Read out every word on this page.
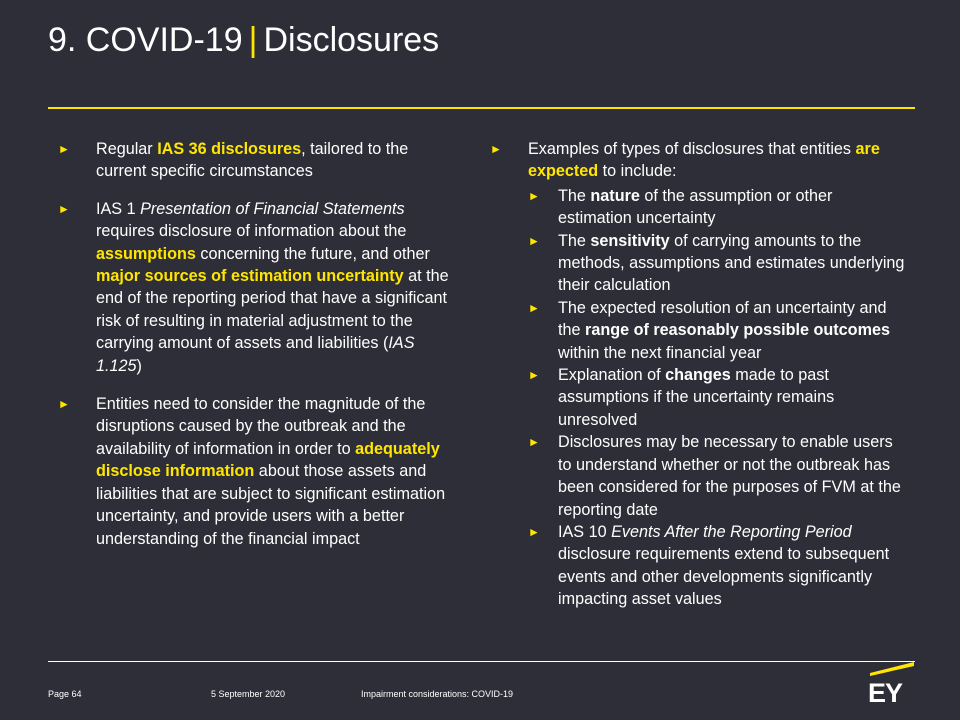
9. COVID-19 | Disclosures
► Regular IAS 36 disclosures, tailored to the current specific circumstances
► IAS 1 Presentation of Financial Statements requires disclosure of information about the assumptions concerning the future, and other major sources of estimation uncertainty at the end of the reporting period that have a significant risk of resulting in material adjustment to the carrying amount of assets and liabilities (IAS 1.125)
► Entities need to consider the magnitude of the disruptions caused by the outbreak and the availability of information in order to adequately disclose information about those assets and liabilities that are subject to significant estimation uncertainty, and provide users with a better understanding of the financial impact
► Examples of types of disclosures that entities are expected to include:
► The nature of the assumption or other estimation uncertainty
► The sensitivity of carrying amounts to the methods, assumptions and estimates underlying their calculation
► The expected resolution of an uncertainty and the range of reasonably possible outcomes within the next financial year
► Explanation of changes made to past assumptions if the uncertainty remains unresolved
► Disclosures may be necessary to enable users to understand whether or not the outbreak has been considered for the purposes of FVM at the reporting date
► IAS 10 Events After the Reporting Period disclosure requirements extend to subsequent events and other developments significantly impacting asset values
Page 64	5 September 2020	Impairment considerations: COVID-19	EY
